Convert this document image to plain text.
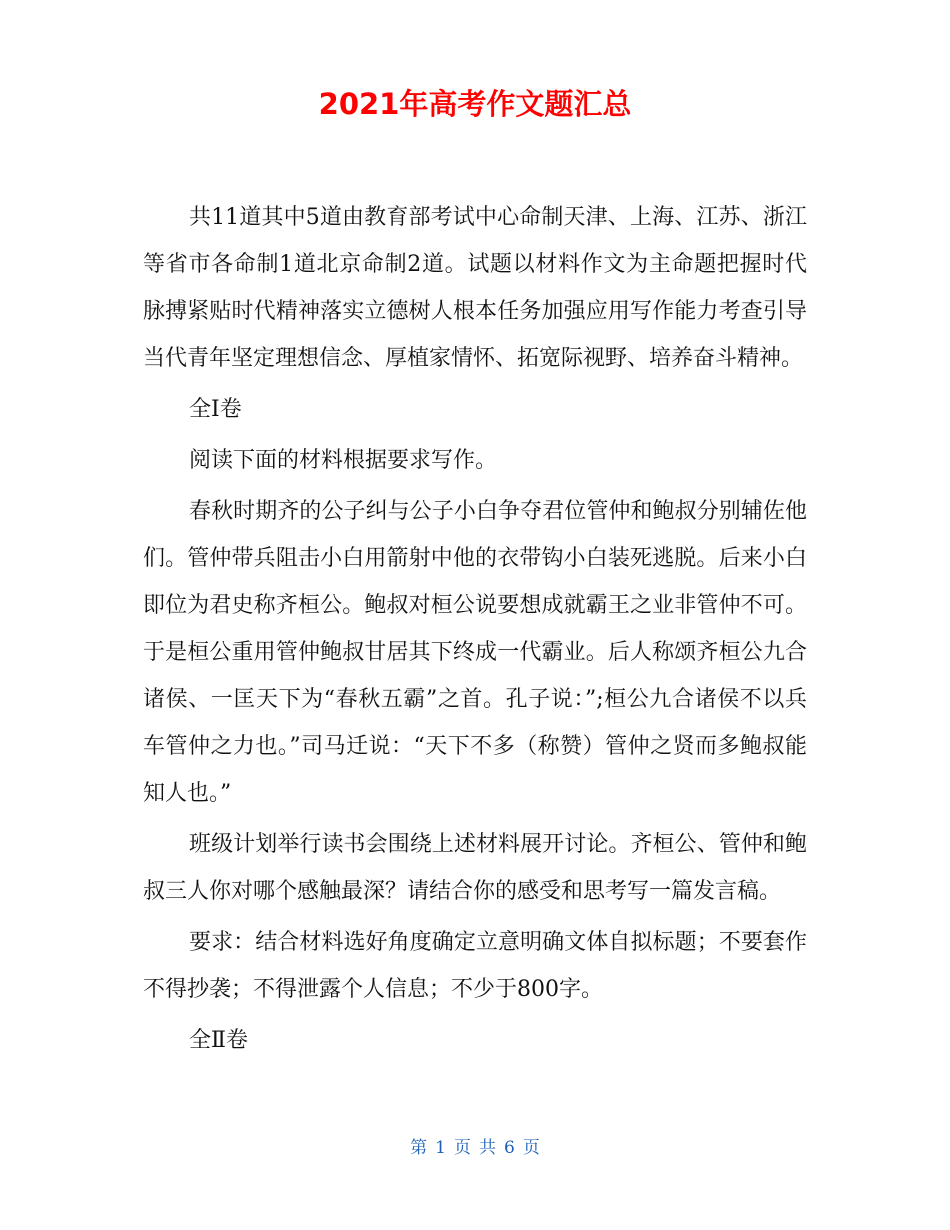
2021年高考作文题汇总

共11道其中5道由教育部考试中心命制天津、上海、江苏、浙江等省市各命制1道北京命制2道。试题以材料作文为主命题把握时代脉搏紧贴时代精神落实立德树人根本任务加强应用写作能力考查引导当代青年坚定理想信念、厚植家情怀、拓宽际视野、培养奋斗精神。

全Ⅰ卷

阅读下面的材料根据要求写作。

春秋时期齐的公子纠与公子小白争夺君位管仲和鲍叔分别辅佐他们。管仲带兵阻击小白用箭射中他的衣带钩小白装死逃脱。后来小白即位为君史称齐桓公。鲍叔对桓公说要想成就霸王之业非管仲不可。于是桓公重用管仲鲍叔甘居其下终成一代霸业。后人称颂齐桓公九合诸侯、一匡天下为“春秋五霸”之首。孔子说：”;桓公九合诸侯不以兵车管仲之力也。”司马迁说：“天下不多（称赞）管仲之贤而多鲍叔能知人也。”

班级计划举行读书会围绕上述材料展开讨论。齐桓公、管仲和鲍叔三人你对哪个感触最深？请结合你的感受和思考写一篇发言稿。

要求：结合材料选好角度确定立意明确文体自拟标题；不要套作不得抄袭；不得泄露个人信息；不少于800字。

全Ⅱ卷

第 1 页 共 6 页
